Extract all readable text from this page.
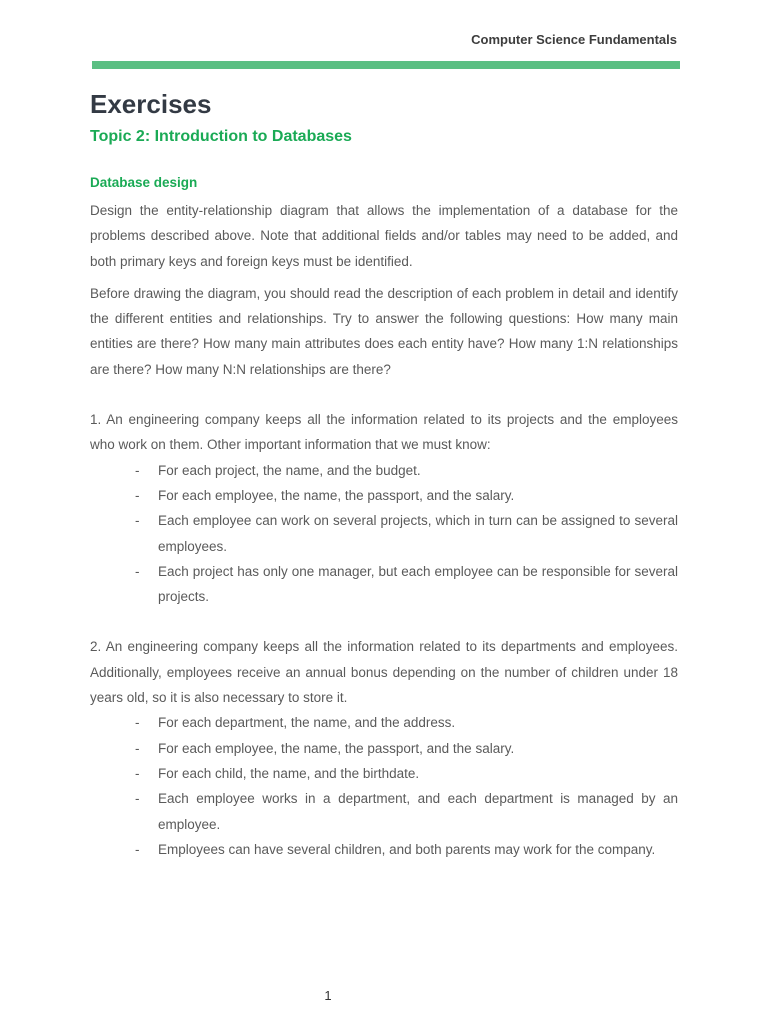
Computer Science Fundamentals
Exercises
Topic 2: Introduction to Databases
Database design

Design the entity-relationship diagram that allows the implementation of a database for the problems described above. Note that additional fields and/or tables may need to be added, and both primary keys and foreign keys must be identified.

Before drawing the diagram, you should read the description of each problem in detail and identify the different entities and relationships. Try to answer the following questions: How many main entities are there? How many main attributes does each entity have? How many 1:N relationships are there? How many N:N relationships are there?

1. An engineering company keeps all the information related to its projects and the employees who work on them. Other important information that we must know:

- For each project, the name, and the budget.
- For each employee, the name, the passport, and the salary.
- Each employee can work on several projects, which in turn can be assigned to several employees.
- Each project has only one manager, but each employee can be responsible for several projects.

2. An engineering company keeps all the information related to its departments and employees. Additionally, employees receive an annual bonus depending on the number of children under 18 years old, so it is also necessary to store it.

- For each department, the name, and the address.
- For each employee, the name, the passport, and the salary.
- For each child, the name, and the birthdate.
- Each employee works in a department, and each department is managed by an employee.
- Employees can have several children, and both parents may work for the company.
1
